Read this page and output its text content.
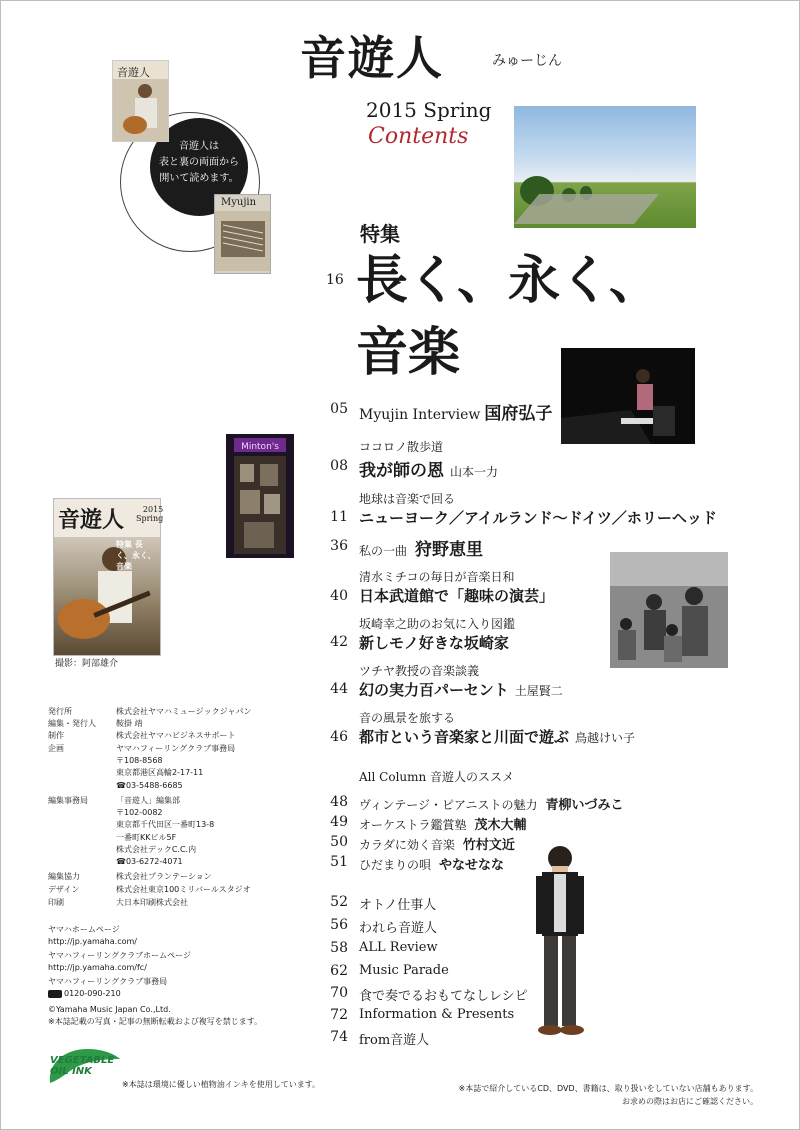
音遊人	みゅーじん
2015 Spring
Contents
音遊人は
表と裏の両面から
開いて読めます。
音遊人
Myujin
特集
16 長く、永く、
音楽
Minton's
音遊人	2015
Spring
特集 長く、永く、音楽
撮影：阿部雄介
05 Myujin Interview 国府弘子
ココロノ散歩道
08 我が師の恩 山本一力
地球は音楽で回る
11 ニューヨーク／アイルランド〜ドイツ／ホリーヘッド
36 私の一曲 狩野恵里
清水ミチコの毎日が音楽日和
40 日本武道館で「趣味の演芸」
坂崎幸之助のお気に入り図鑑
42 新しモノ好きな坂崎家
ツチヤ教授の音楽談義
44 幻の実力百パーセント 土屋賢二
音の風景を旅する
46 都市という音楽家と川面で遊ぶ 鳥越けい子
All Column 音遊人のススメ
48 ヴィンテージ・ピアニストの魅力 青柳いづみこ
49 オーケストラ鑑賞塾 茂木大輔
50 カラダに効く音楽 竹村文近
51 ひだまりの唄 やなせなな
52 オトノ仕事人
56 われら音遊人
58 ALL Review
62 Music Parade
70 食で奏でるおもてなしレシピ
72 Information & Presents
74 from音遊人
発行所	株式会社ヤマハミュージックジャパン
編集・発行人	鞍掛 靖
制作	株式会社ヤマハビジネスサポート
企画	ヤマハフィーリングクラブ事務局
〒108-8568
東京都港区高輪2-17-11
☎03-5488-6685
編集事務局	「音遊人」編集部
〒102-0082
東京都千代田区一番町13-8
一番町KKビル5F
株式会社デックC.C.内
☎03-6272-4071
編集協力	株式会社プランテーション
デザイン	株式会社東京100ミリバールスタジオ
印刷	大日本印刷株式会社
ヤマハホームページ
http://jp.yamaha.com/
ヤマハフィーリングクラブホームページ
http://jp.yamaha.com/fc/
ヤマハフィーリングクラブ事務局
0120-090-210
©Yamaha Music Japan Co.,Ltd.
※本誌記載の写真・記事の無断転載および複写を禁じます。
VEGETABLE
OIL INK
※本誌は環境に優しい植物油インキを使用しています。	※本誌で紹介しているCD、DVD、書籍は、取り扱いをしていない店舗もあります。
お求めの際はお店にご確認ください。
